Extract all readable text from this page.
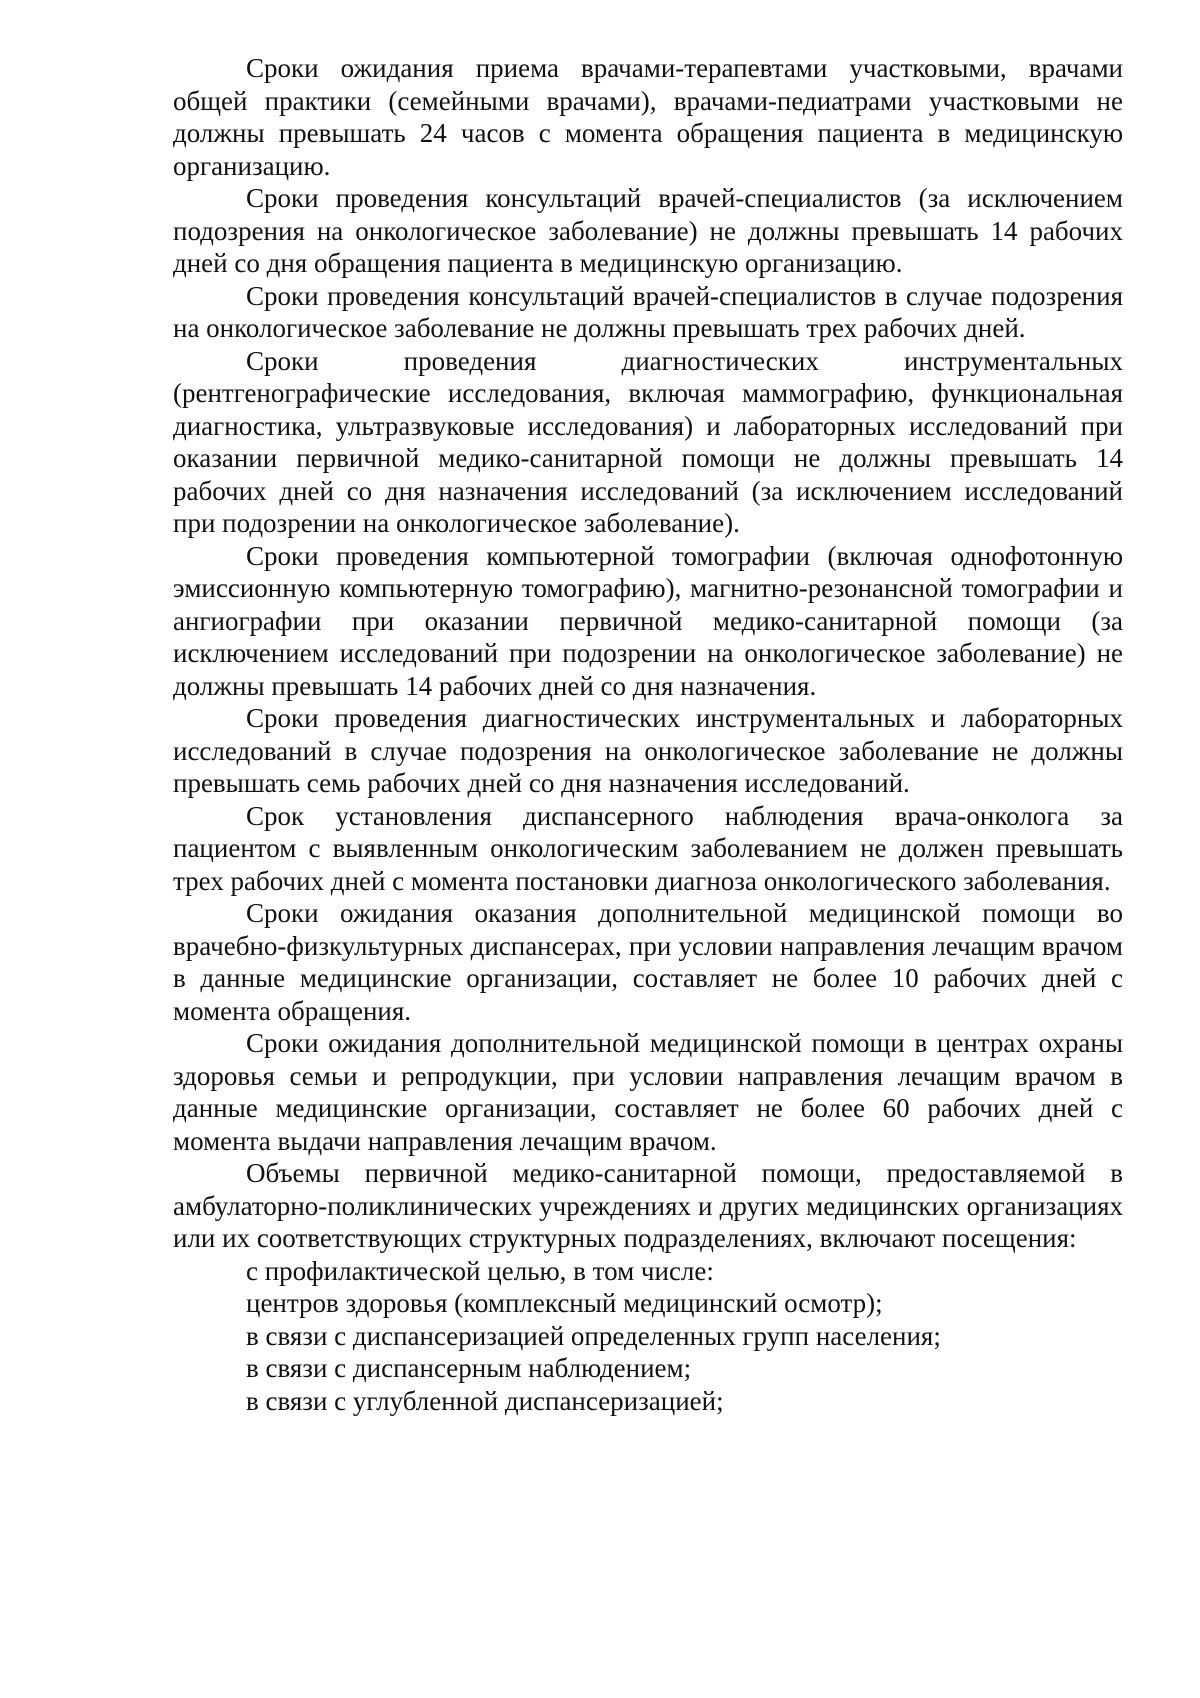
Сроки ожидания приема врачами-терапевтами участковыми, врачами общей практики (семейными врачами), врачами-педиатрами участковыми не должны превышать 24 часов с момента обращения пациента в медицинскую организацию.

Сроки проведения консультаций врачей-специалистов (за исключением подозрения на онкологическое заболевание) не должны превышать 14 рабочих дней со дня обращения пациента в медицинскую организацию.

Сроки проведения консультаций врачей-специалистов в случае подозрения на онкологическое заболевание не должны превышать трех рабочих дней.

Сроки проведения диагностических инструментальных (рентгенографические исследования, включая маммографию, функциональная диагностика, ультразвуковые исследования) и лабораторных исследований при оказании первичной медико-санитарной помощи не должны превышать 14 рабочих дней со дня назначения исследований (за исключением исследований при подозрении на онкологическое заболевание).

Сроки проведения компьютерной томографии (включая однофотонную эмиссионную компьютерную томографию), магнитно-резонансной томографии и ангиографии при оказании первичной медико-санитарной помощи (за исключением исследований при подозрении на онкологическое заболевание) не должны превышать 14 рабочих дней со дня назначения.

Сроки проведения диагностических инструментальных и лабораторных исследований в случае подозрения на онкологическое заболевание не должны превышать семь рабочих дней со дня назначения исследований.

Срок установления диспансерного наблюдения врача-онколога за пациентом с выявленным онкологическим заболеванием не должен превышать трех рабочих дней с момента постановки диагноза онкологического заболевания.

Сроки ожидания оказания дополнительной медицинской помощи во врачебно-физкультурных диспансерах, при условии направления лечащим врачом в данные медицинские организации, составляет не более 10 рабочих дней с момента обращения.

Сроки ожидания дополнительной медицинской помощи в центрах охраны здоровья семьи и репродукции, при условии направления лечащим врачом в данные медицинские организации, составляет не более 60 рабочих дней с момента выдачи направления лечащим врачом.

Объемы первичной медико-санитарной помощи, предоставляемой в амбулаторно-поликлинических учреждениях и других медицинских организациях или их соответствующих структурных подразделениях, включают посещения:

с профилактической целью, в том числе:

центров здоровья (комплексный медицинский осмотр);

в связи с диспансеризацией определенных групп населения;

в связи с диспансерным наблюдением;

в связи с углубленной диспансеризацией;
